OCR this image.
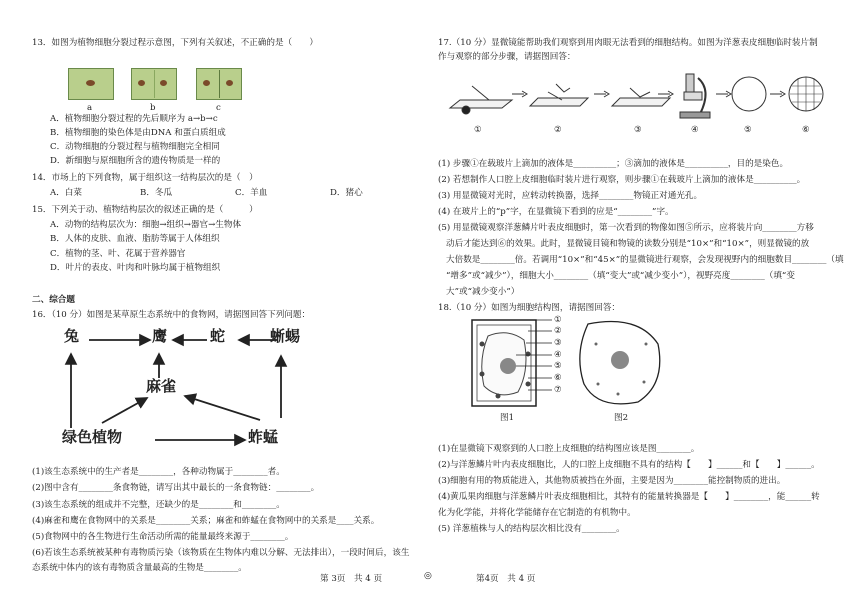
13．如图为植物细胞分裂过程示意图，下列有关叙述，不正确的是（　　）
a	b	c
A．植物细胞分裂过程的先后顺序为 a→b→c
B．植物细胞的染色体是由DNA 和蛋白质组成
C．动物细胞的分裂过程与植物细胞完全相同
D．新细胞与原细胞所含的遗传物质是一样的
14．市场上的下列食物，属于组织这一结构层次的是（　）
A．白菜	B．冬瓜	C．羊血	D．猪心
15．下列关于动、植物结构层次的叙述正确的是（　　　）
A．动物的结构层次为：细胞→组织→器官→生物体
B．人体的皮肤、血液、脂肪等属于人体组织
C．植物的茎、叶、花属于营养器官
D．叶片的表皮、叶肉和叶脉均属于植物组织
二、综合题
16．（10 分）如图是某草原生态系统中的食物网，请据图回答下列问题：
兔	鹰	蛇	蜥蜴
麻雀
绿色植物	蚱蜢
(1)该生态系统中的生产者是________，各种动物属于________者。
(2)图中含有________条食物链，请写出其中最长的一条食物链：________。
(3)该生态系统的组成并不完整，还缺少的是________和________。
(4)麻雀和鹰在食物网中的关系是________关系；麻雀和蚱蜢在食物网中的关系是____关系。
(5)食物网中的各生物进行生命活动所需的能量最终来源于________。
(6)若该生态系统被某种有毒物质污染（该物质在生物体内难以分解、无法排出），一段时间后，该生
态系统中体内的该有毒物质含量最高的生物是________。
第 3页　共 4 页	◎
17.（10 分）显微镜能帮助我们观察到用肉眼无法看到的细胞结构。如图为洋葱表皮细胞临时装片制
作与观察的部分步骤，请据图回答：
①	②	③	④	⑤	⑥
(1) 步骤①在载玻片上滴加的液体是__________；③滴加的液体是__________，目的是染色。
(2) 若想制作人口腔上皮细胞临时装片进行观察，则步骤①在载玻片上滴加的液体是__________。
(3) 用显微镜对光时，应转动转换器，选择________物镜正对通光孔。
(4) 在玻片上的“p”字，在显微镜下看到的应是“________”字。
(5) 用显微镜观察洋葱鳞片叶表皮细胞时，第一次看到的物像如图⑤所示，应将装片向________方移
动后才能达到⑥的效果。此时，显微镜目镜和物镜的读数分别是“10×”和“10×”，则显微镜的放
大倍数是________倍。若调用“10×”和“45×”的显微镜进行观察，会发现视野内的细胞数目________（填
“增多”或“减少”），细胞大小________（填“变大”或“减少变小”），视野亮度________（填“变
大”或“减少变小”）
18.（10 分）如图为细胞结构图，请据图回答：
①
②
③
④
⑤
⑥
⑦
图1	图2
(1)在显微镜下观察到的人口腔上皮细胞的结构图应该是图________。
(2)与洋葱鳞片叶内表皮细胞比，人的口腔上皮细胞不具有的结构【　　】______和【　　】______。
(3)细胞有用的物质能进入，其他物质被挡在外面，主要是因为________能控制物质的进出。
(4)黄瓜果肉细胞与洋葱鳞片叶表皮细胞相比，其特有的能量转换器是【　　】________，能______转
化为化学能，并将化学能储存在它制造的有机物中。
(5) 洋葱植株与人的结构层次相比没有________。
第4页　共 4 页
